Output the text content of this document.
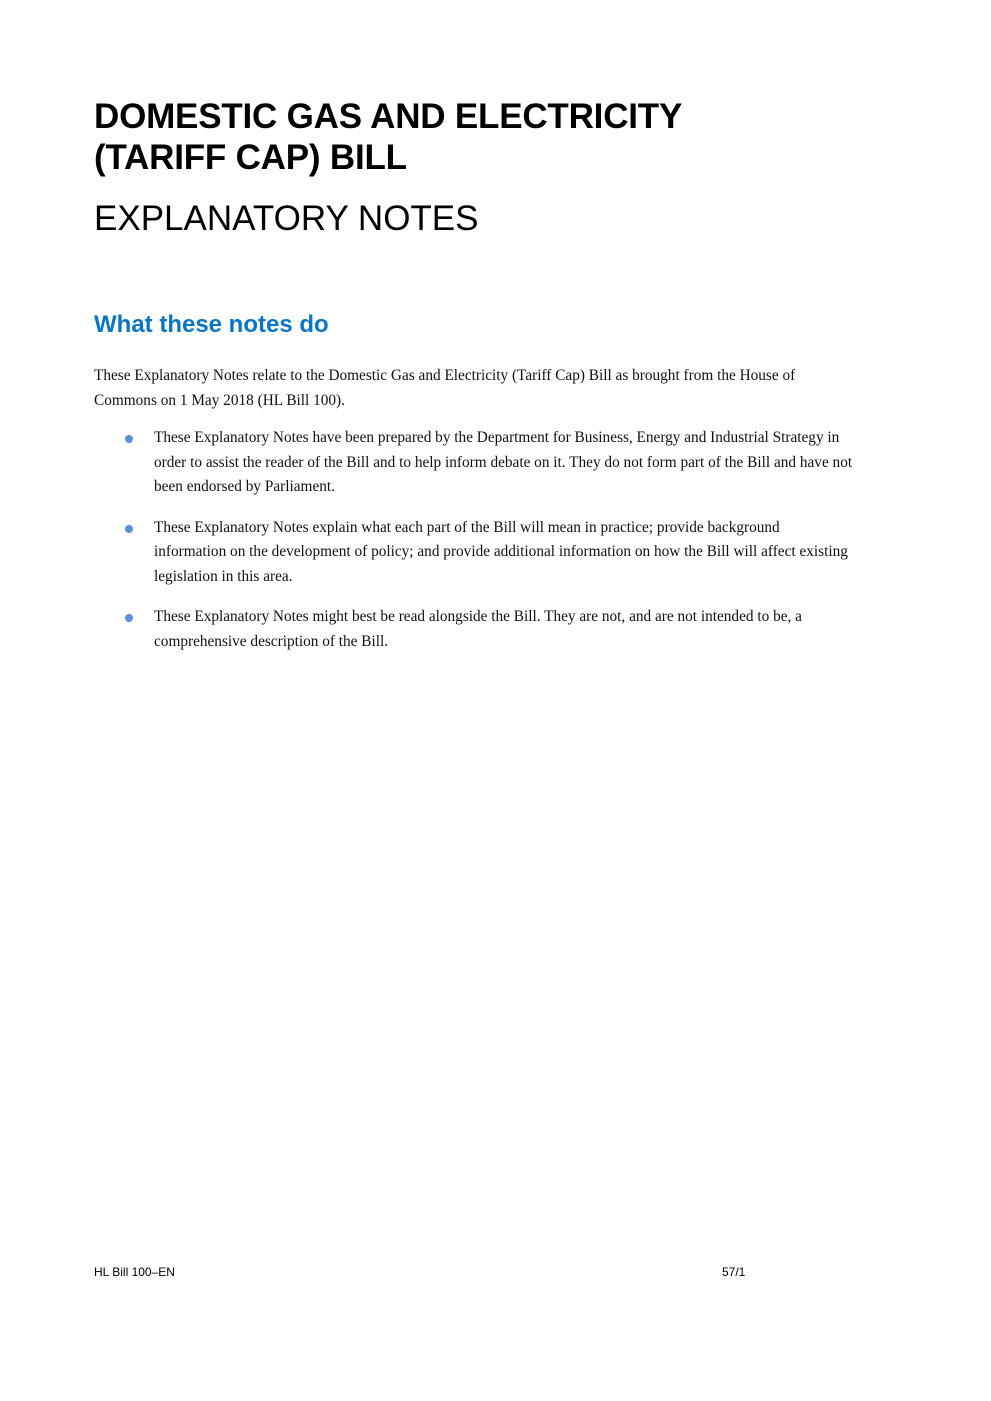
DOMESTIC GAS AND ELECTRICITY
(TARIFF CAP) BILL
EXPLANATORY NOTES
What these notes do

These Explanatory Notes relate to the Domestic Gas and Electricity (Tariff Cap) Bill as brought from the House of Commons on 1 May 2018 (HL Bill 100).

These Explanatory Notes have been prepared by the Department for Business, Energy and Industrial Strategy in order to assist the reader of the Bill and to help inform debate on it. They do not form part of the Bill and have not been endorsed by Parliament.
These Explanatory Notes explain what each part of the Bill will mean in practice; provide background information on the development of policy; and provide additional information on how the Bill will affect existing legislation in this area.
These Explanatory Notes might best be read alongside the Bill. They are not, and are not intended to be, a comprehensive description of the Bill.
HL Bill 100–EN	57/1
